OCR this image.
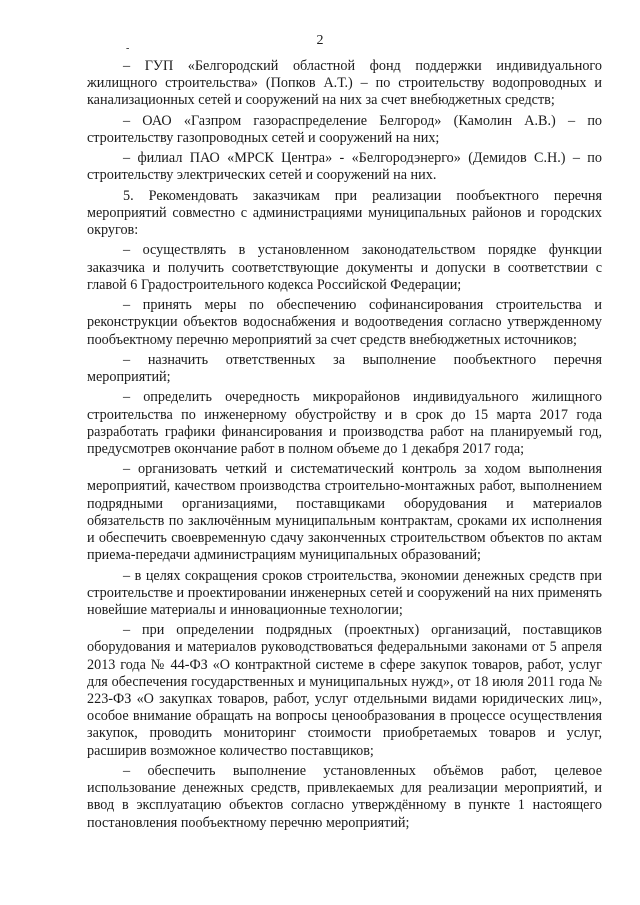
2
-

– ГУП «Белгородский областной фонд поддержки индивидуального жилищного строительства» (Попков А.Т.) – по строительству водопроводных и канализационных сетей и сооружений на них за счет внебюджетных средств;

– ОАО «Газпром газораспределение Белгород» (Камолин А.В.) – по строительству газопроводных сетей и сооружений на них;

– филиал ПАО «МРСК Центра» - «Белгородэнерго» (Демидов С.Н.) – по строительству электрических сетей и сооружений на них.

5. Рекомендовать заказчикам при реализации пообъектного перечня мероприятий совместно с администрациями муниципальных районов и городских округов:

– осуществлять в установленном законодательством порядке функции заказчика и получить соответствующие документы и допуски в соответствии с главой 6 Градостроительного кодекса Российской Федерации;

– принять меры по обеспечению софинансирования строительства и реконструкции объектов водоснабжения и водоотведения согласно утвержденному пообъектному перечню мероприятий за счет средств внебюджетных источников;

– назначить ответственных за выполнение пообъектного перечня мероприятий;

– определить очередность микрорайонов индивидуального жилищного строительства по инженерному обустройству и в срок до 15 марта 2017 года разработать графики финансирования и производства работ на планируемый год, предусмотрев окончание работ в полном объеме до 1 декабря 2017 года;

– организовать четкий и систематический контроль за ходом выполнения мероприятий, качеством производства строительно-монтажных работ, выполнением подрядными организациями, поставщиками оборудования и материалов обязательств по заключённым муниципальным контрактам, сроками их исполнения и обеспечить своевременную сдачу законченных строительством объектов по актам приема-передачи администрациям муниципальных образований;

– в целях сокращения сроков строительства, экономии денежных средств при строительстве и проектировании инженерных сетей и сооружений на них применять новейшие материалы и инновационные технологии;

– при определении подрядных (проектных) организаций, поставщиков оборудования и материалов руководствоваться федеральными законами от 5 апреля 2013 года № 44-ФЗ «О контрактной системе в сфере закупок товаров, работ, услуг для обеспечения государственных и муниципальных нужд», от 18 июля 2011 года № 223-ФЗ «О закупках товаров, работ, услуг отдельными видами юридических лиц», особое внимание обращать на вопросы ценообразования в процессе осуществления закупок, проводить мониторинг стоимости приобретаемых товаров и услуг, расширив возможное количество поставщиков;

– обеспечить выполнение установленных объёмов работ, целевое использование денежных средств, привлекаемых для реализации мероприятий, и ввод в эксплуатацию объектов согласно утверждённому в пункте 1 настоящего постановления пообъектному перечню мероприятий;
